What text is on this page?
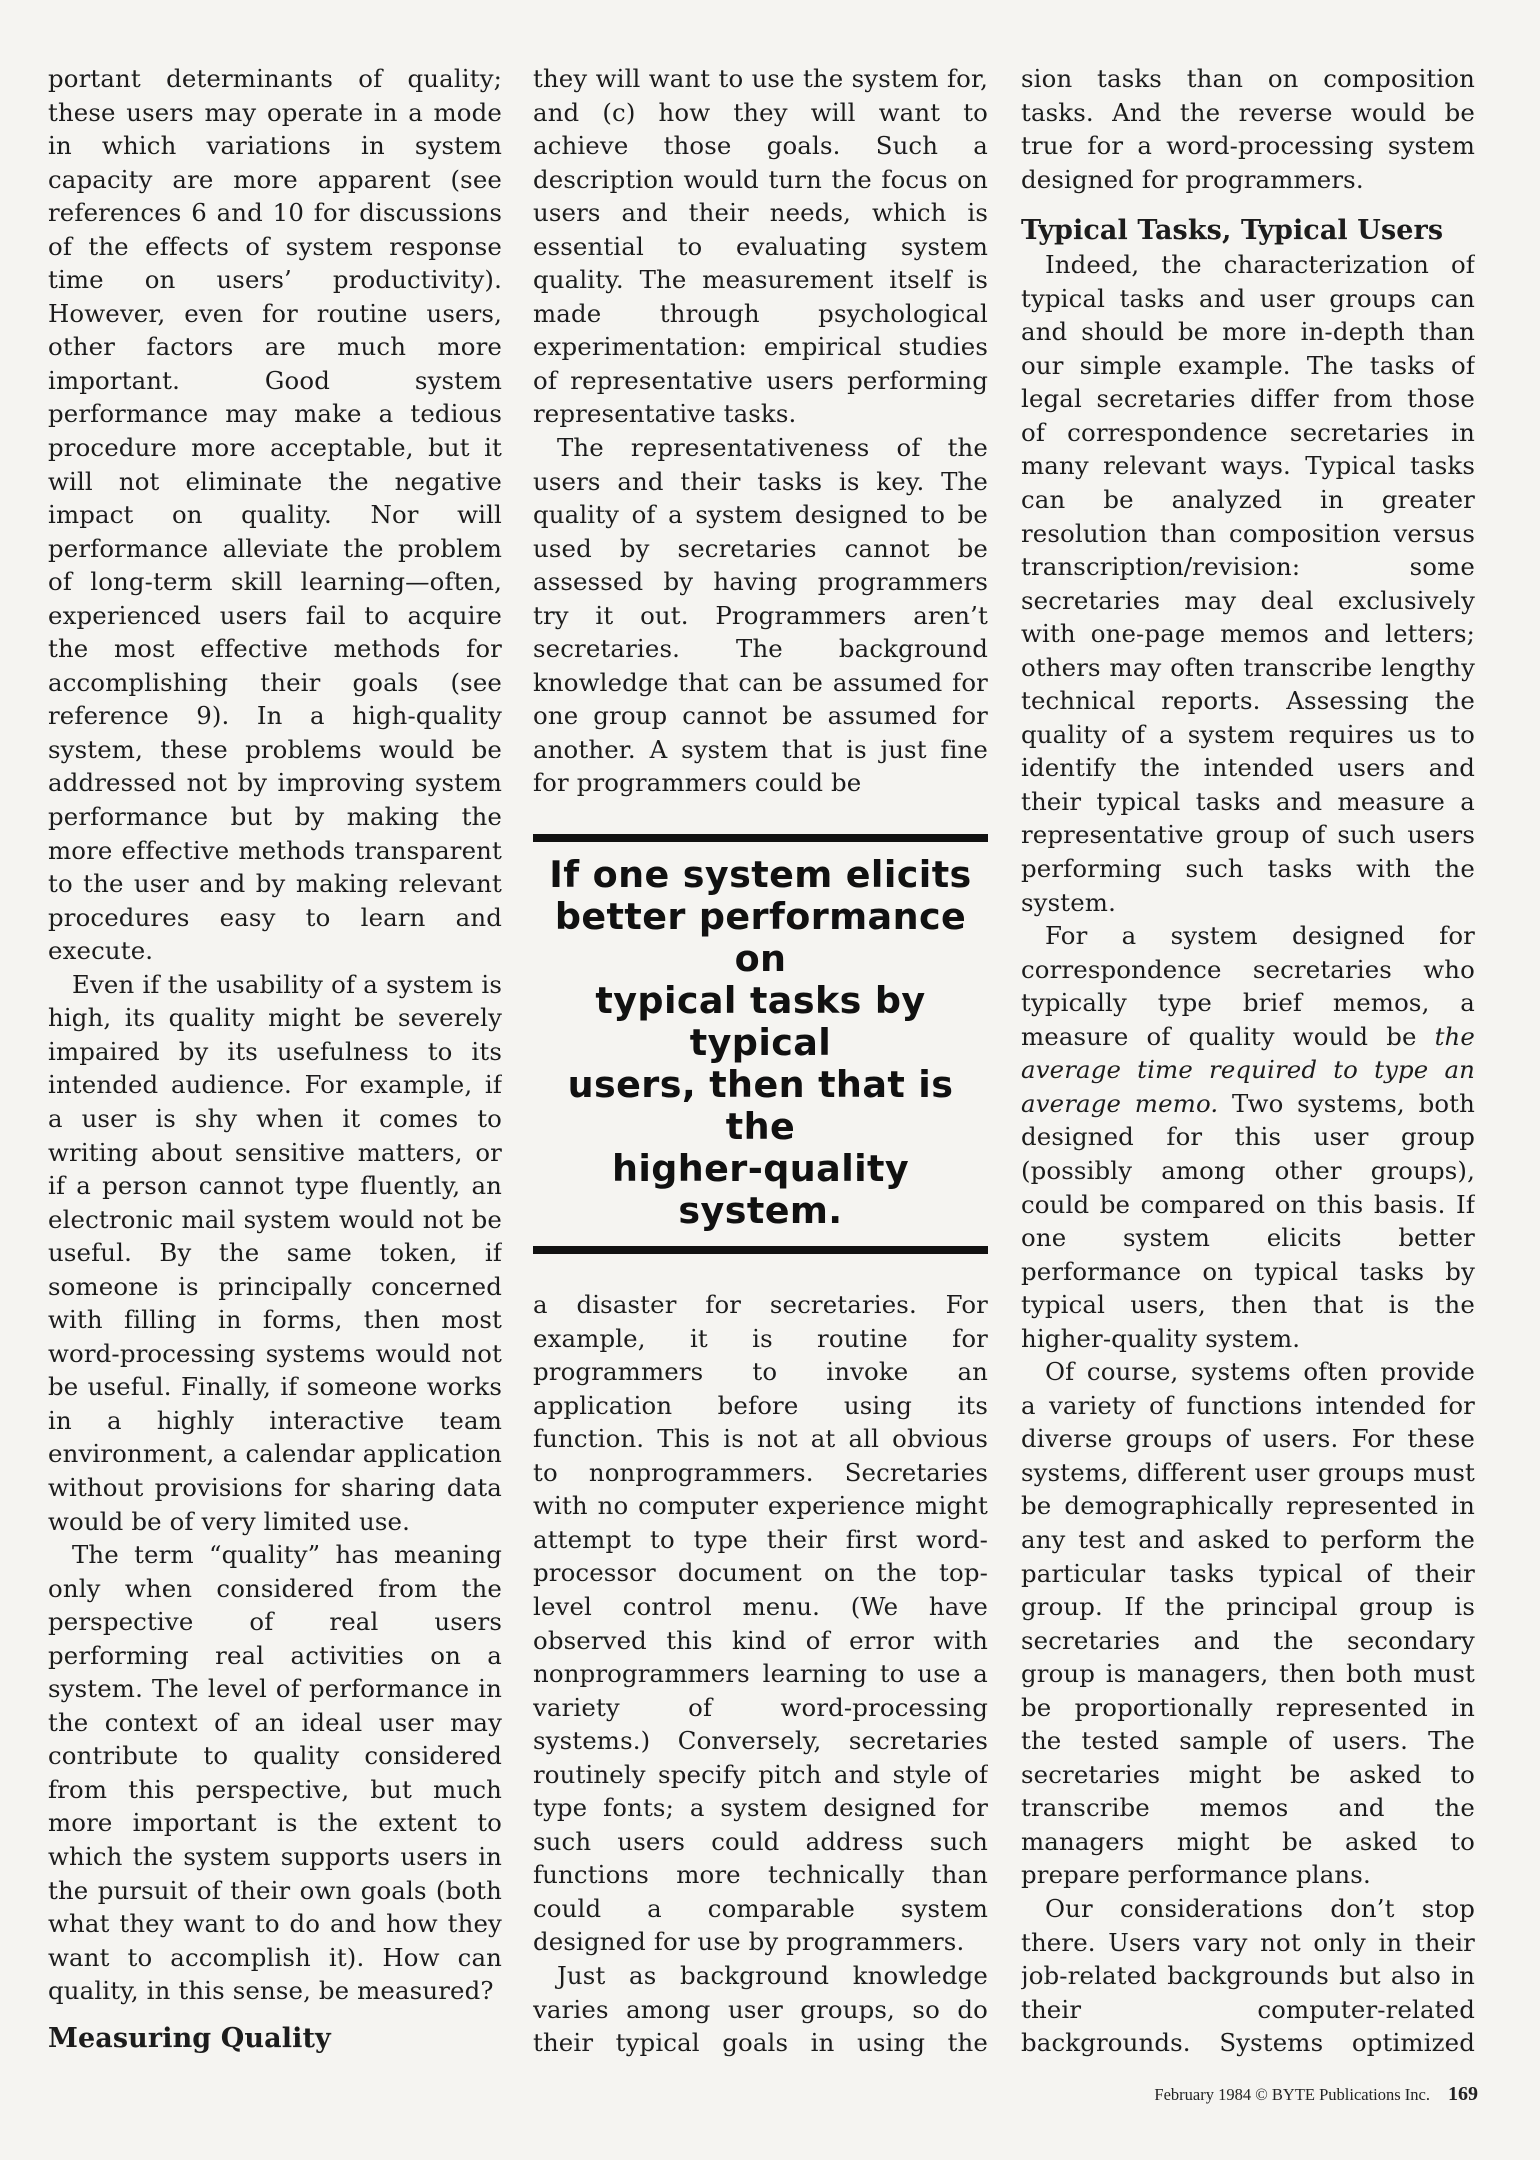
portant determinants of quality; these users may operate in a mode in which variations in system capacity are more apparent (see references 6 and 10 for discussions of the effects of system response time on users’ productivity). However, even for routine users, other factors are much more important. Good system performance may make a tedious procedure more acceptable, but it will not eliminate the negative impact on quality. Nor will performance alleviate the problem of long-term skill learning—often, experienced users fail to acquire the most effective methods for accomplishing their goals (see reference 9). In a high-quality system, these problems would be addressed not by improving system performance but by making the more effective methods transparent to the user and by making relevant procedures easy to learn and execute.

Even if the usability of a system is high, its quality might be severely impaired by its usefulness to its intended audience. For example, if a user is shy when it comes to writing about sensitive matters, or if a person cannot type fluently, an electronic mail system would not be useful. By the same token, if someone is principally concerned with filling in forms, then most word-processing systems would not be useful. Finally, if someone works in a highly interactive team environment, a calendar application without provisions for sharing data would be of very limited use.

The term “quality” has meaning only when considered from the perspective of real users performing real activities on a system. The level of performance in the context of an ideal user may contribute to quality considered from this perspective, but much more important is the extent to which the system supports users in the pursuit of their own goals (both what they want to do and how they want to accomplish it). How can quality, in this sense, be measured?

Measuring Quality

they will want to use the system for, and (c) how they will want to achieve those goals. Such a description would turn the focus on users and their needs, which is essential to evaluating system quality. The measurement itself is made through psychological experimentation: empirical studies of representative users performing representative tasks.

The representativeness of the users and their tasks is key. The quality of a system designed to be used by secretaries cannot be assessed by having programmers try it out. Programmers aren’t secretaries. The background knowledge that can be assumed for one group cannot be assumed for another. A system that is just fine for programmers could be

If one system elicits
better performance on
typical tasks by typical
users, then that is the
higher-quality system.

a disaster for secretaries. For example, it is routine for programmers to invoke an application before using its function. This is not at all obvious to nonprogrammers. Secretaries with no computer experience might attempt to type their first word-processor document on the top-level control menu. (We have observed this kind of error with nonprogrammers learning to use a variety of word-processing systems.) Conversely, secretaries routinely specify pitch and style of type fonts; a system designed for such users could address such functions more technically than could a comparable system designed for use by programmers.

Just as background knowledge varies among user groups, so do their typical goals in using the

sion tasks than on composition tasks. And the reverse would be true for a word-processing system designed for programmers.

Typical Tasks, Typical Users

Indeed, the characterization of typical tasks and user groups can and should be more in-depth than our simple example. The tasks of legal secretaries differ from those of correspondence secretaries in many relevant ways. Typical tasks can be analyzed in greater resolution than composition versus transcription/revision: some secretaries may deal exclusively with one-page memos and letters; others may often transcribe lengthy technical reports. Assessing the quality of a system requires us to identify the intended users and their typical tasks and measure a representative group of such users performing such tasks with the system.

For a system designed for correspondence secretaries who typically type brief memos, a measure of quality would be the average time required to type an average memo. Two systems, both designed for this user group (possibly among other groups), could be compared on this basis. If one system elicits better performance on typical tasks by typical users, then that is the higher-quality system.

Of course, systems often provide a variety of functions intended for diverse groups of users. For these systems, different user groups must be demographically represented in any test and asked to perform the particular tasks typical of their group. If the principal group is secretaries and the secondary group is managers, then both must be proportionally represented in the tested sample of users. The secretaries might be asked to transcribe memos and the managers might be asked to prepare performance plans.

Our considerations don’t stop there. Users vary not only in their job-related backgrounds but also in their computer-related backgrounds. Systems optimized

February 1984 © BYTE Publications Inc. 169
